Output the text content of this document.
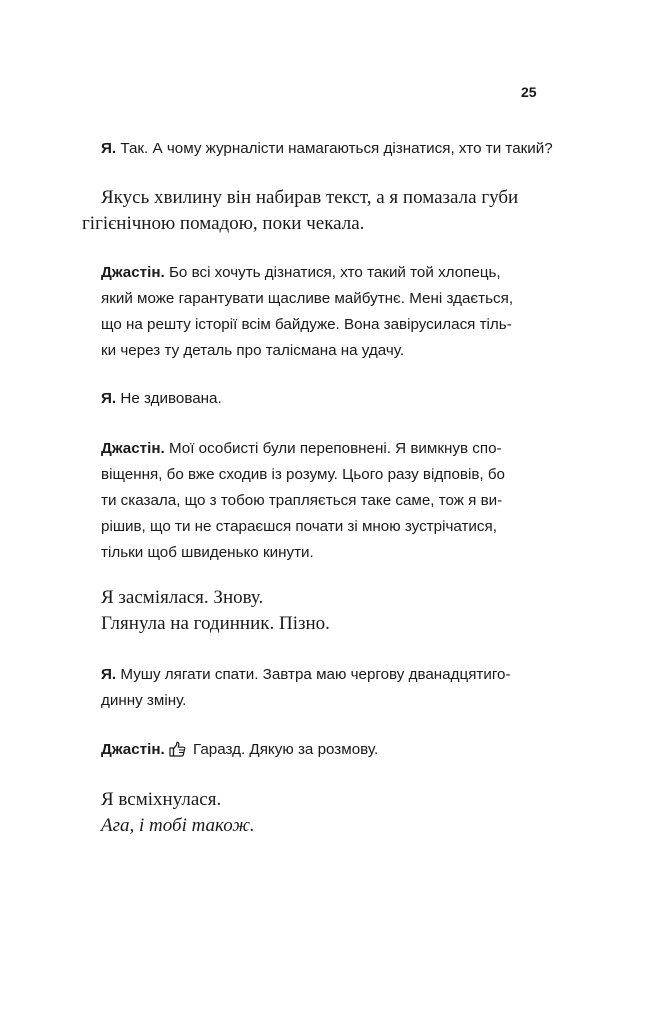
25
Я. Так. А чому журналісти намагаються дізнатися, хто ти такий?
Якусь хвилину він набирав текст, а я помазала губи
гігієнічною помадою, поки чекала.
Джастін. Бо всі хочуть дізнатися, хто такий той хлопець,
який може гарантувати щасливе майбутнє. Мені здається,
що на решту історії всім байдуже. Вона завірусилася тіль-
ки через ту деталь про талісмана на удачу.
Я. Не здивована.
Джастін. Мої особисті були переповнені. Я вимкнув спо-
віщення, бо вже сходив із розуму. Цього разу відповів, бо
ти сказала, що з тобою трапляється таке саме, тож я ви-
рішив, що ти не стараєшся почати зі мною зустрічатися,
тільки щоб швиденько кинути.
Я засміялася. Знову.
Глянула на годинник. Пізно.
Я. Мушу лягати спати. Завтра маю чергову дванадцятиго-
динну зміну.
Джастін. Гаразд. Дякую за розмову.
Я всміхнулася.
Ага, і тобі також.
